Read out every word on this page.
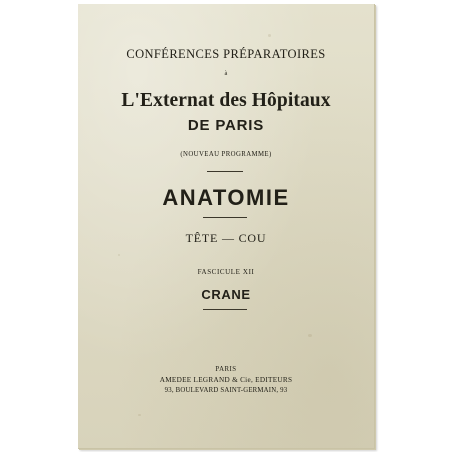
CONFÉRENCES PRÉPARATOIRES
à
L'Externat des Hôpitaux
DE PARIS
(NOUVEAU PROGRAMME)
ANATOMIE
TÊTE — COU
FASCICULE XII
CRANE
PARIS
AMEDEE LEGRAND & Cie, EDITEURS
93, BOULEVARD SAINT-GERMAIN, 93
